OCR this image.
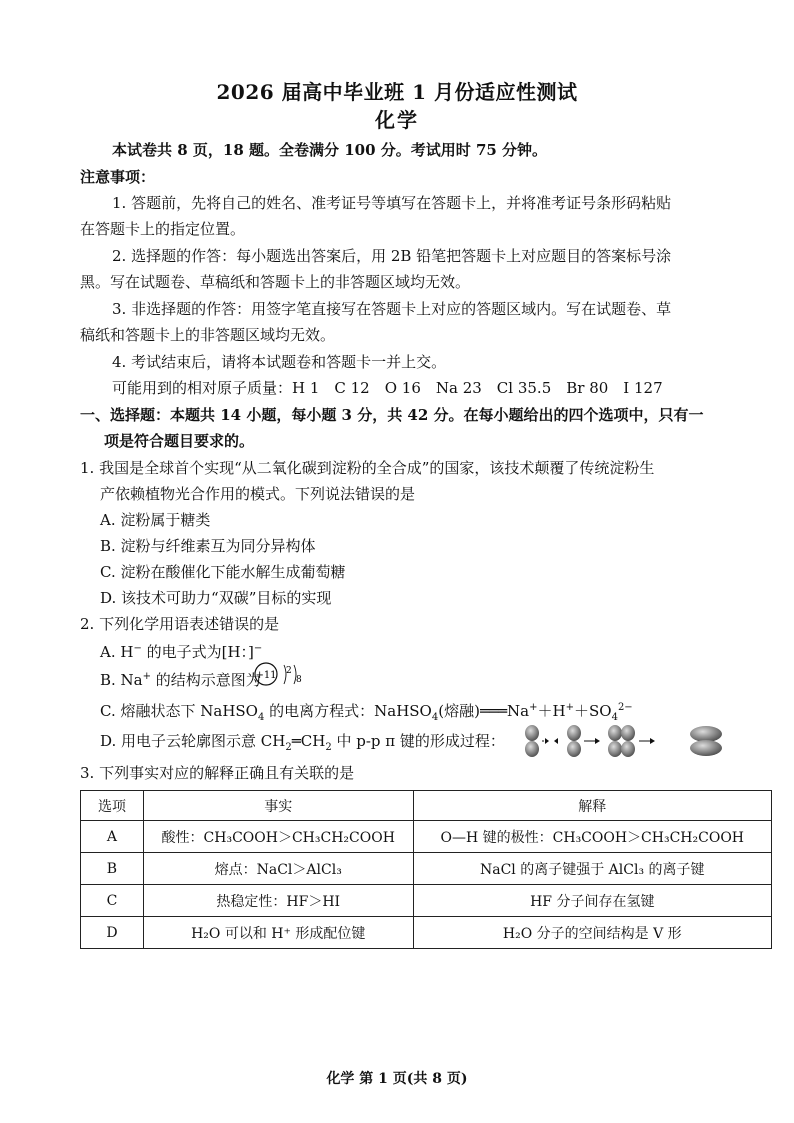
2026 届高中毕业班 1 月份适应性测试
化学
本试卷共 8 页，18 题。全卷满分 100 分。考试用时 75 分钟。
注意事项：
1. 答题前，先将自己的姓名、准考证号等填写在答题卡上，并将准考证号条形码粘贴
在答题卡上的指定位置。
2. 选择题的作答：每小题选出答案后，用 2B 铅笔把答题卡上对应题目的答案标号涂
黑。写在试题卷、草稿纸和答题卡上的非答题区域均无效。
3. 非选择题的作答：用签字笔直接写在答题卡上对应的答题区域内。写在试题卷、草
稿纸和答题卡上的非答题区域均无效。
4. 考试结束后，请将本试题卷和答题卡一并上交。
可能用到的相对原子质量：H 1　C 12　O 16　Na 23　Cl 35.5　Br 80　I 127
一、选择题：本题共 14 小题，每小题 3 分，共 42 分。在每小题给出的四个选项中，只有一
项是符合题目要求的。
1. 我国是全球首个实现“从二氧化碳到淀粉的全合成”的国家，该技术颠覆了传统淀粉生
产依赖植物光合作用的模式。下列说法错误的是
A. 淀粉属于糖类
B. 淀粉与纤维素互为同分异构体
C. 淀粉在酸催化下能水解生成葡萄糖
D. 该技术可助力“双碳”目标的实现
2. 下列化学用语表述错误的是
A. H− 的电子式为[H：]−
B. Na+ 的结构示意图为
+11 2
8
C. 熔融状态下 NaHSO$_4$ 的电离方程式：NaHSO$_4$(熔融)$═══Na^++H^++SO_4^{2-}$
D. 用电子云轮廓图示意 $CH_2═CH_2$ 中 p-p π 键的形成过程：
3. 下列事实对应的解释正确且有关联的是
选项	事实	解释
A	酸性：CH₃COOH＞CH₃CH₂COOH	O—H 键的极性：CH₃COOH＞CH₃CH₂COOH
B	熔点：NaCl＞AlCl₃	NaCl 的离子键强于 AlCl₃ 的离子键
C	热稳定性：HF＞HI	HF 分子间存在氢键
D	H₂O 可以和 H⁺ 形成配位键	H₂O 分子的空间结构是 V 形
化学 第 1 页(共 8 页)
